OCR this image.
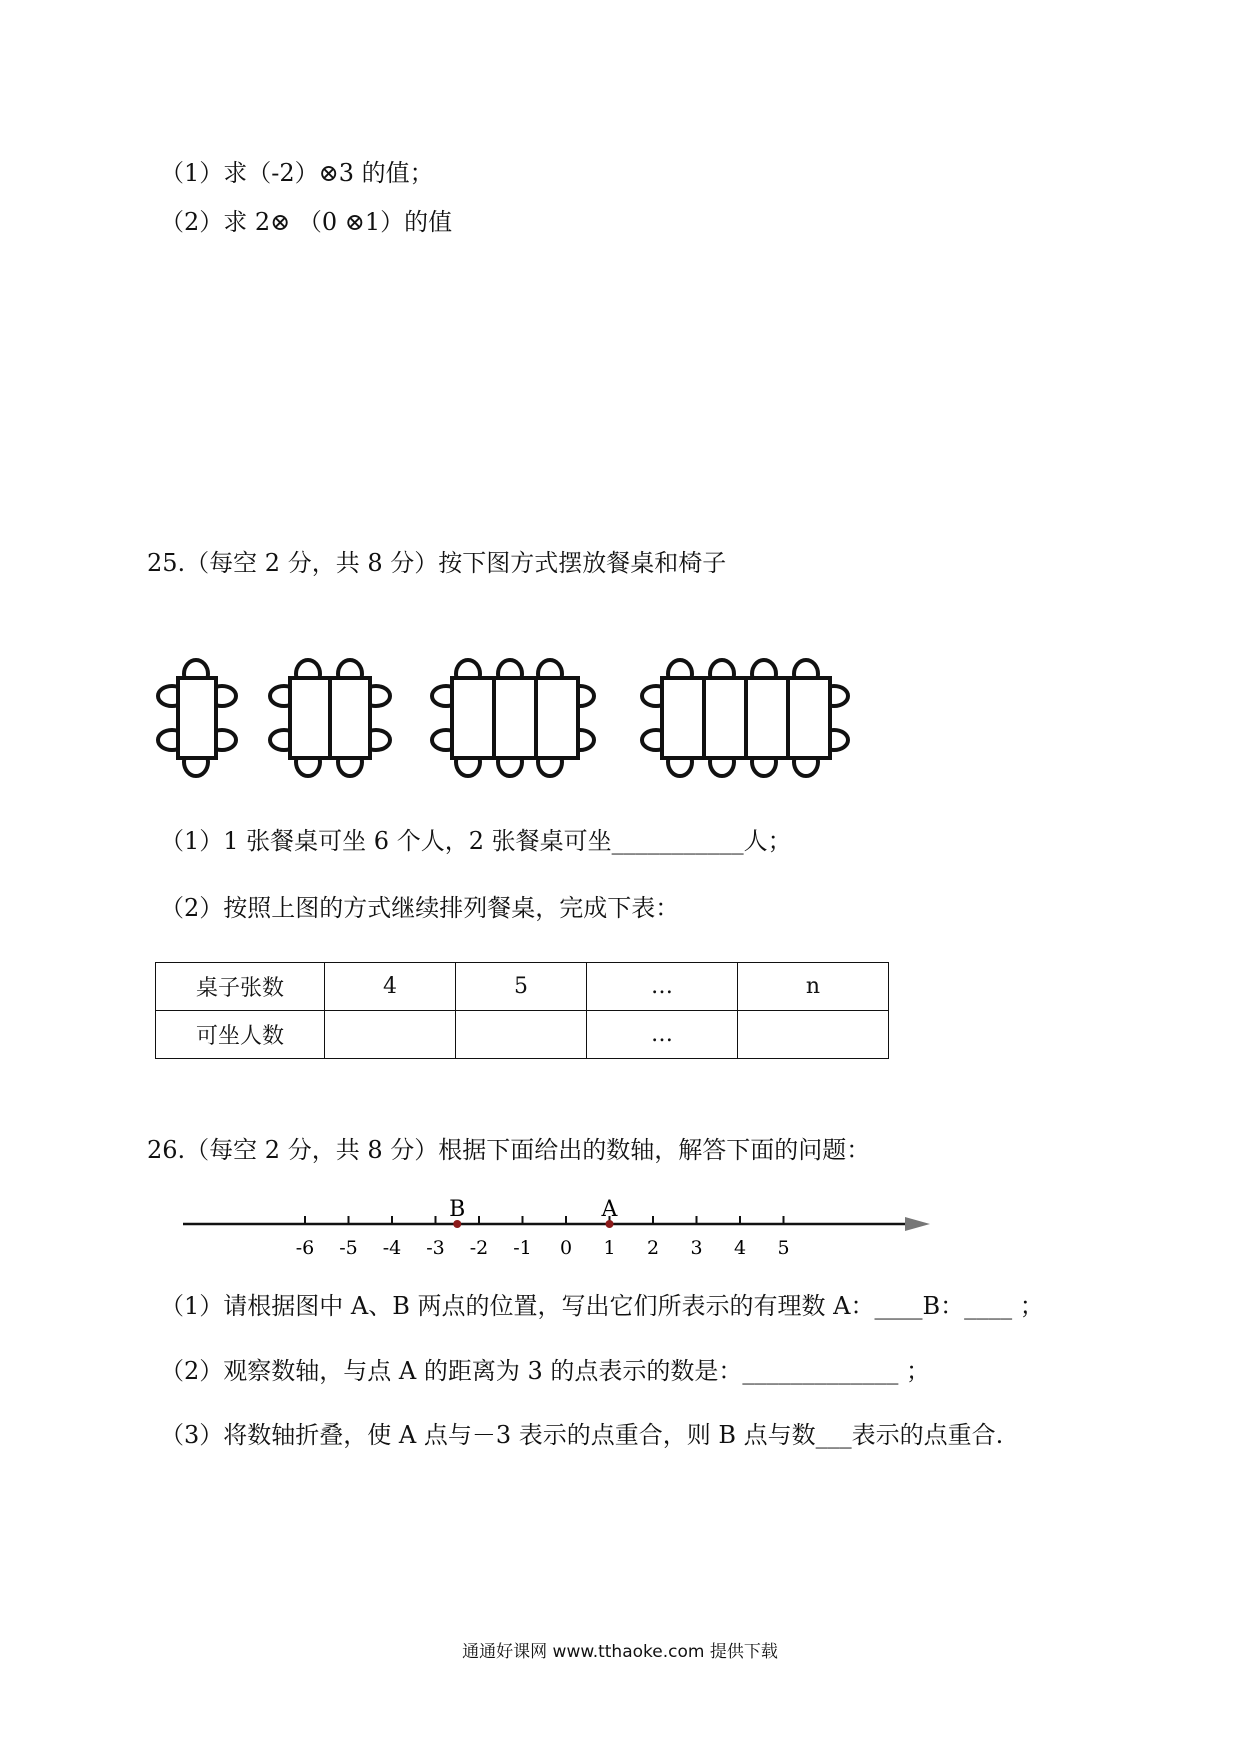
（1）求（-2）⊗3 的值；
（2）求 2⊗ （0 ⊗1）的值
25.（每空 2 分，共 8 分）按下图方式摆放餐桌和椅子
（1）1 张餐桌可坐 6 个人，2 张餐桌可坐___________人；
（2）按照上图的方式继续排列餐桌，完成下表：
桌子张数	4	5	…	n
可坐人数			…	
26.（每空 2 分，共 8 分）根据下面给出的数轴，解答下面的问题：
-6 -5 -4 -3 -2 -1 0 1 2 3 4 5
B	A
（1）请根据图中 A、B 两点的位置，写出它们所表示的有理数 A：____B：____ ；
（2）观察数轴，与点 A 的距离为 3 的点表示的数是：_____________ ；
（3）将数轴折叠，使 A 点与－3 表示的点重合，则 B 点与数___表示的点重合.
通通好课网 www.tthaoke.com 提供下载
